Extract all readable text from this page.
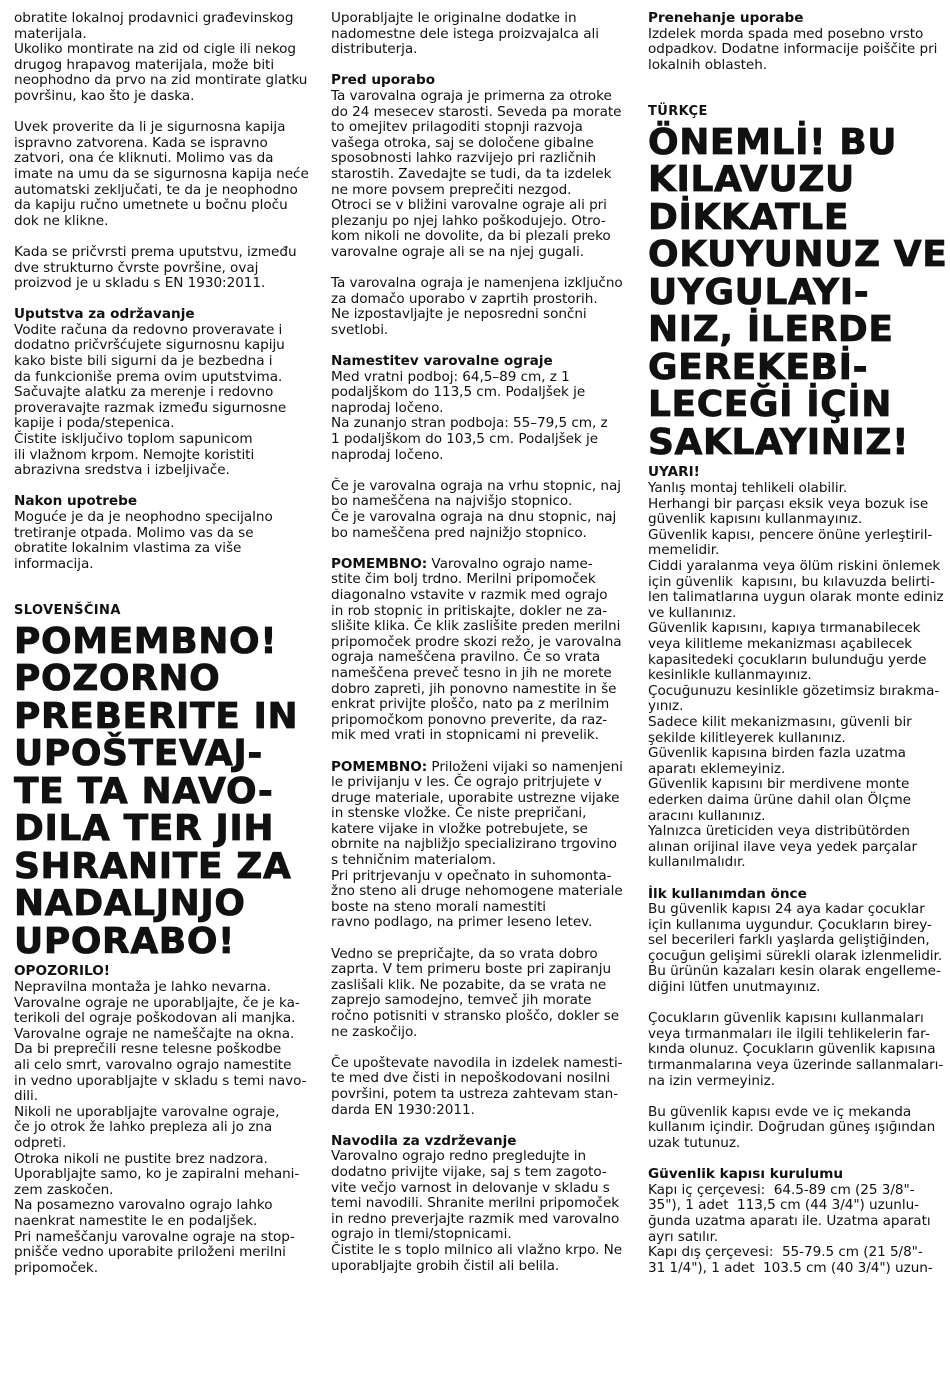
obratite lokalnoj prodavnici građevinskog
materijala.
Ukoliko montirate na zid od cigle ili nekog
drugog hrapavog materijala, može biti
neophodno da prvo na zid montirate glatku
površinu, kao što je daska.
Uvek proverite da li je sigurnosna kapija
ispravno zatvorena. Kada se ispravno
zatvori, ona će kliknuti. Molimo vas da
imate na umu da se sigurnosna kapija neće
automatski zeključati, te da je neophodno
da kapiju ručno umetnete u bočnu ploču
dok ne klikne.
Kada se pričvrsti prema uputstvu, između
dve strukturno čvrste površine, ovaj
proizvod je u skladu s EN 1930:2011.
Uputstva za održavanje
Vodite računa da redovno proveravate i
dodatno pričvršćujete sigurnosnu kapiju
kako biste bili sigurni da je bezbedna i
da funkcioniše prema ovim uputstvima.
Sačuvajte alatku za merenje i redovno
proveravajte razmak između sigurnosne
kapije i poda/stepenica.
Čistite isključivo toplom sapunicom
ili vlažnom krpom. Nemojte koristiti
abrazivna sredstva i izbeljivače.
Nakon upotrebe
Moguće je da je neophodno specijalno
tretiranje otpada. Molimo vas da se
obratite lokalnim vlastima za više
informacija.
SLOVENŠČINA
POMEMBNO!
POZORNO
PREBERITE IN
UPOŠTEVAJ-
TE TA NAVO-
DILA TER JIH
SHRANITE ZA
NADALJNJO
UPORABO!
OPOZORILO!
Nepravilna montaža je lahko nevarna.
Varovalne ograje ne uporabljajte, če je ka-
terikoli del ograje poškodovan ali manjka.
Varovalne ograje ne nameščajte na okna.
Da bi preprečili resne telesne poškodbe
ali celo smrt, varovalno ograjo namestite
in vedno uporabljajte v skladu s temi navo-
dili.
Nikoli ne uporabljajte varovalne ograje,
če jo otrok že lahko prepleza ali jo zna
odpreti.
Otroka nikoli ne pustite brez nadzora.
Uporabljajte samo, ko je zapiralni mehani-
zem zaskočen.
Na posamezno varovalno ograjo lahko
naenkrat namestite le en podaljšek.
Pri nameščanju varovalne ograje na stop-
pnišče vedno uporabite priloženi merilni
pripomoček.
Uporabljajte le originalne dodatke in
nadomestne dele istega proizvajalca ali
distributerja.
Pred uporabo
Ta varovalna ograja je primerna za otroke
do 24 mesecev starosti. Seveda pa morate
to omejitev prilagoditi stopnji razvoja
vašega otroka, saj se določene gibalne
sposobnosti lahko razvijejo pri različnih
starostih. Zavedajte se tudi, da ta izdelek
ne more povsem preprečiti nezgod.
Otroci se v bližini varovalne ograje ali pri
plezanju po njej lahko poškodujejo. Otro-
kom nikoli ne dovolite, da bi plezali preko
varovalne ograje ali se na njej gugali.
Ta varovalna ograja je namenjena izključno
za domačo uporabo v zaprtih prostorih.
Ne izpostavljajte je neposredni sončni
svetlobi.
Namestitev varovalne ograje
Med vratni podboj: 64,5–89 cm, z 1
podaljškom do 113,5 cm. Podaljšek je
naprodaj ločeno.
Na zunanjo stran podboja: 55–79,5 cm, z
1 podaljškom do 103,5 cm. Podaljšek je
naprodaj ločeno.
Če je varovalna ograja na vrhu stopnic, naj
bo nameščena na najvišjo stopnico.
Če je varovalna ograja na dnu stopnic, naj
bo nameščena pred najnižjo stopnico.
POMEMBNO: Varovalno ograjo name-
stite čim bolj trdno. Merilni pripomoček
diagonalno vstavite v razmik med ograjo
in rob stopnic in pritiskajte, dokler ne za-
slišite klika. Če klik zaslišite preden merilni
pripomoček prodre skozi režo, je varovalna
ograja nameščena pravilno. Če so vrata
nameščena preveč tesno in jih ne morete
dobro zapreti, jih ponovno namestite in še
enkrat privijte ploščo, nato pa z merilnim
pripomočkom ponovno preverite, da raz-
mik med vrati in stopnicami ni prevelik.
POMEMBNO: Priloženi vijaki so namenjeni
le privijanju v les. Če ograjo pritrjujete v
druge materiale, uporabite ustrezne vijake
in stenske vložke. Če niste prepričani,
katere vijake in vložke potrebujete, se
obrnite na najbližjo specializirano trgovino
s tehničnim materialom.
Pri pritrjevanju v opečnato in suhomonta-
žno steno ali druge nehomogene materiale
boste na steno morali namestiti
ravno podlago, na primer leseno letev.
Vedno se prepričajte, da so vrata dobro
zaprta. V tem primeru boste pri zapiranju
zaslišali klik. Ne pozabite, da se vrata ne
zaprejo samodejno, temveč jih morate
ročno potisniti v stransko ploščo, dokler se
ne zaskočijo.
Če upoštevate navodila in izdelek namesti-
te med dve čisti in nepoškodovani nosilni
površini, potem ta ustreza zahtevam stan-
darda EN 1930:2011.
Navodila za vzdrževanje
Varovalno ograjo redno pregledujte in
dodatno privijte vijake, saj s tem zagoto-
vite večjo varnost in delovanje v skladu s
temi navodili. Shranite merilni pripomoček
in redno preverjajte razmik med varovalno
ograjo in tlemi/stopnicami.
Čistite le s toplo milnico ali vlažno krpo. Ne
uporabljajte grobih čistil ali belila.
Prenehanje uporabe
Izdelek morda spada med posebno vrsto
odpadkov. Dodatne informacije poiščite pri
lokalnih oblasteh.
TÜRKÇE
ÖNEMLİ! BU
KILAVUZU
DİKKATLE
OKUYUNUZ VE
UYGULAYI-
NIZ, İLERDE
GEREKEBİ-
LECEĞİ İÇİN
SAKLAYINIZ!
UYARI!
Yanlış montaj tehlikeli olabilir.
Herhangi bir parçası eksik veya bozuk ise
güvenlik kapısını kullanmayınız.
Güvenlik kapısı, pencere önüne yerleştiril-
memelidir.
Ciddi yaralanma veya ölüm riskini önlemek
için güvenlik  kapısını, bu kılavuzda belirti-
len talimatlarına uygun olarak monte ediniz
ve kullanınız.
Güvenlik kapısını, kapıya tırmanabilecek
veya kilitleme mekanizması açabilecek
kapasitedeki çocukların bulunduğu yerde
kesinlikle kullanmayınız.
Çocuğunuzu kesinlikle gözetimsiz bırakma-
yınız.
Sadece kilit mekanizmasını, güvenli bir
şekilde kilitleyerek kullanınız.
Güvenlik kapısına birden fazla uzatma
aparatı eklemeyiniz.
Güvenlik kapısını bir merdivene monte
ederken daima ürüne dahil olan Ölçme
aracını kullanınız.
Yalnızca üreticiden veya distribütörden
alınan orijinal ilave veya yedek parçalar
kullanılmalıdır.
İlk kullanımdan önce
Bu güvenlik kapısı 24 aya kadar çocuklar
için kullanıma uygundur. Çocukların birey-
sel becerileri farklı yaşlarda geliştiğinden,
çocuğun gelişimi sürekli olarak izlenmelidir.
Bu ürünün kazaları kesin olarak engelleme-
diğini lütfen unutmayınız.
Çocukların güvenlik kapısını kullanmaları
veya tırmanmaları ile ilgili tehlikelerin far-
kında olunuz. Çocukların güvenlik kapısına
tırmanmalarına veya üzerinde sallanmaları-
na izin vermeyiniz.
Bu güvenlik kapısı evde ve iç mekanda
kullanım içindir. Doğrudan güneş ışığından
uzak tutunuz.
Güvenlik kapısı kurulumu
Kapı iç çerçevesi:  64.5-89 cm (25 3/8"-
35"), 1 adet  113,5 cm (44 3/4") uzunlu-
ğunda uzatma aparatı ile. Uzatma aparatı
ayrı satılır.
Kapı dış çerçevesi:  55-79.5 cm (21 5/8"-
31 1/4"), 1 adet  103.5 cm (40 3/4") uzun-
